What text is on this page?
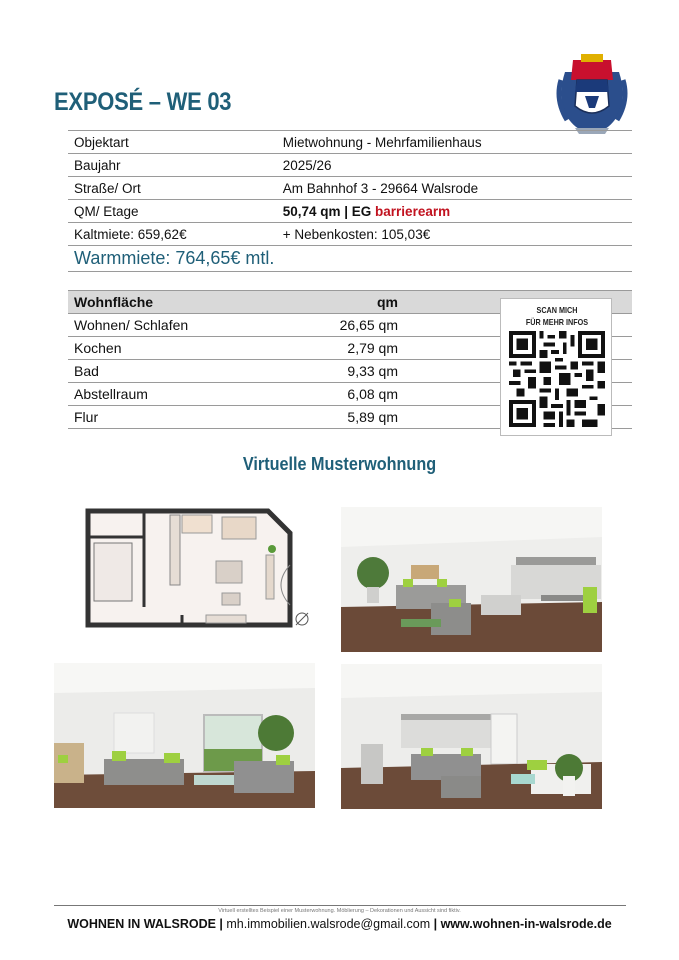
EXPOSÉ – WE 03
Objektart	Mietwohnung - Mehrfamilienhaus
Baujahr	2025/26
Straße/ Ort	Am Bahnhof 3 - 29664 Walsrode
QM/ Etage	50,74 qm | EG barrierearm
Kaltmiete: 659,62€	+ Nebenkosten: 105,03€
Warmmiete: 764,65€ mtl.	
Wohnfläche	qm	
Wohnen/ Schlafen	26,65 qm	
Kochen	2,79 qm	
Bad	9,33 qm	
Abstellraum	6,08 qm	
Flur	5,89 qm	
SCAN MICH
FÜR MEHR INFOS
Virtuelle Musterwohnung
Virtuell erstelltes Beispiel einer Musterwohnung. Möblierung – Dekorationen und Aussicht sind fiktiv.
WOHNEN IN WALSRODE | mh.immobilien.walsrode@gmail.com | www.wohnen-in-walsrode.de
